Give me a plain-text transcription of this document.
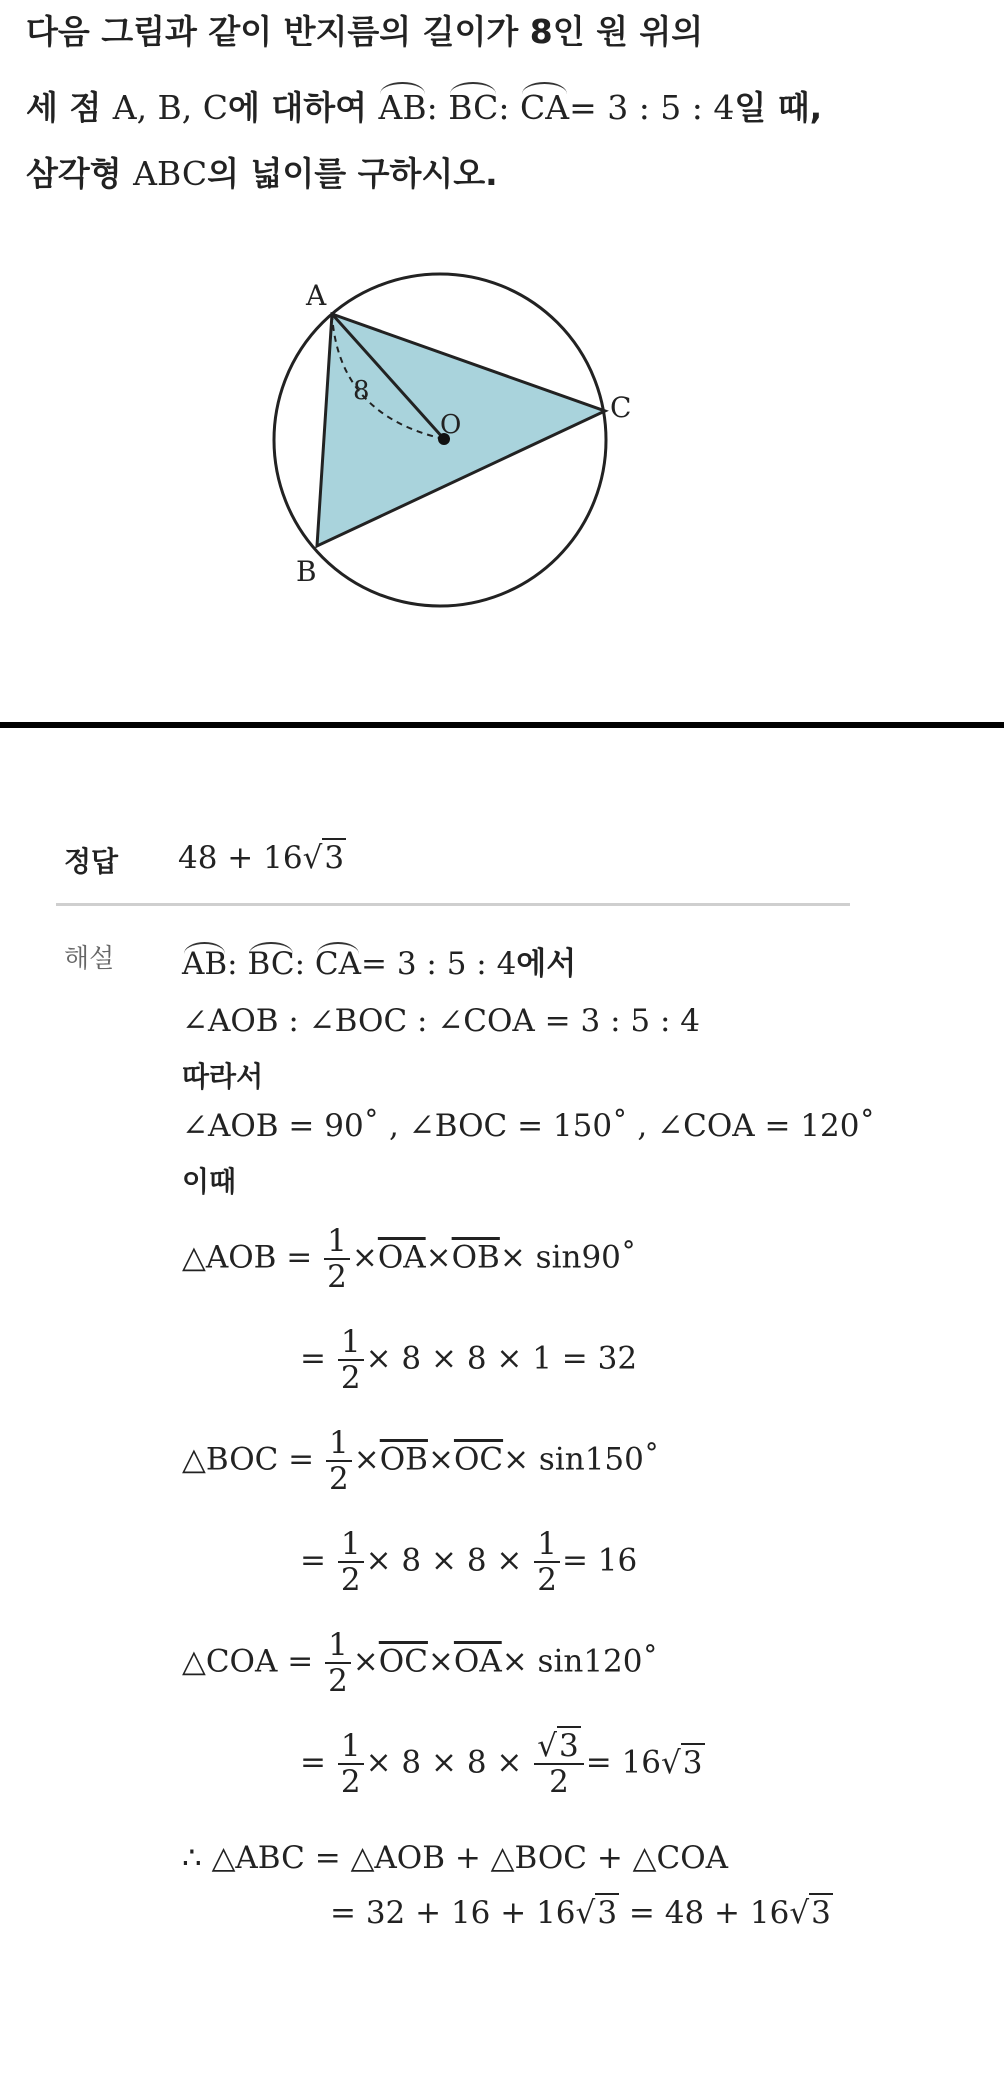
다음 그림과 같이 반지름의 길이가 8인 원 위의
세 점 A, B, C에 대하여 AB: BC: CA= 3 : 5 : 4일 때,
삼각형 ABC의 넓이를 구하시오.
A
C
B
O
8
정답 48 + 16√3
해설 AB: BC: CA= 3 : 5 : 4에서
∠AOB : ∠BOC : ∠COA = 3 : 5 : 4
따라서
∠AOB = 90˚ , ∠BOC = 150˚ , ∠COA = 120˚
이때
△AOB = $\frac{1}{2} \times\overline{OA}\times\overline{OB}\times$ sin90˚
= $\frac{1}{2} \times 8 \times 8 \times 1 = 32$
△BOC = $\frac{1}{2} \times\overline{OB}\times\overline{OC}\times$ sin150˚
= $\frac{1}{2} \times 8 \times 8 \times \frac{1}{2} = 16$
△COA = $\frac{1}{2} \times\overline{OC}\times\overline{OA}\times$ sin120˚
= $\frac{1}{2} \times 8 \times 8 \times \frac{√3}{2} = 16√3$
∴ △ABC = △AOB + △BOC + △COA
= 32 + 16 + 16√3 = 48 + 16√3
